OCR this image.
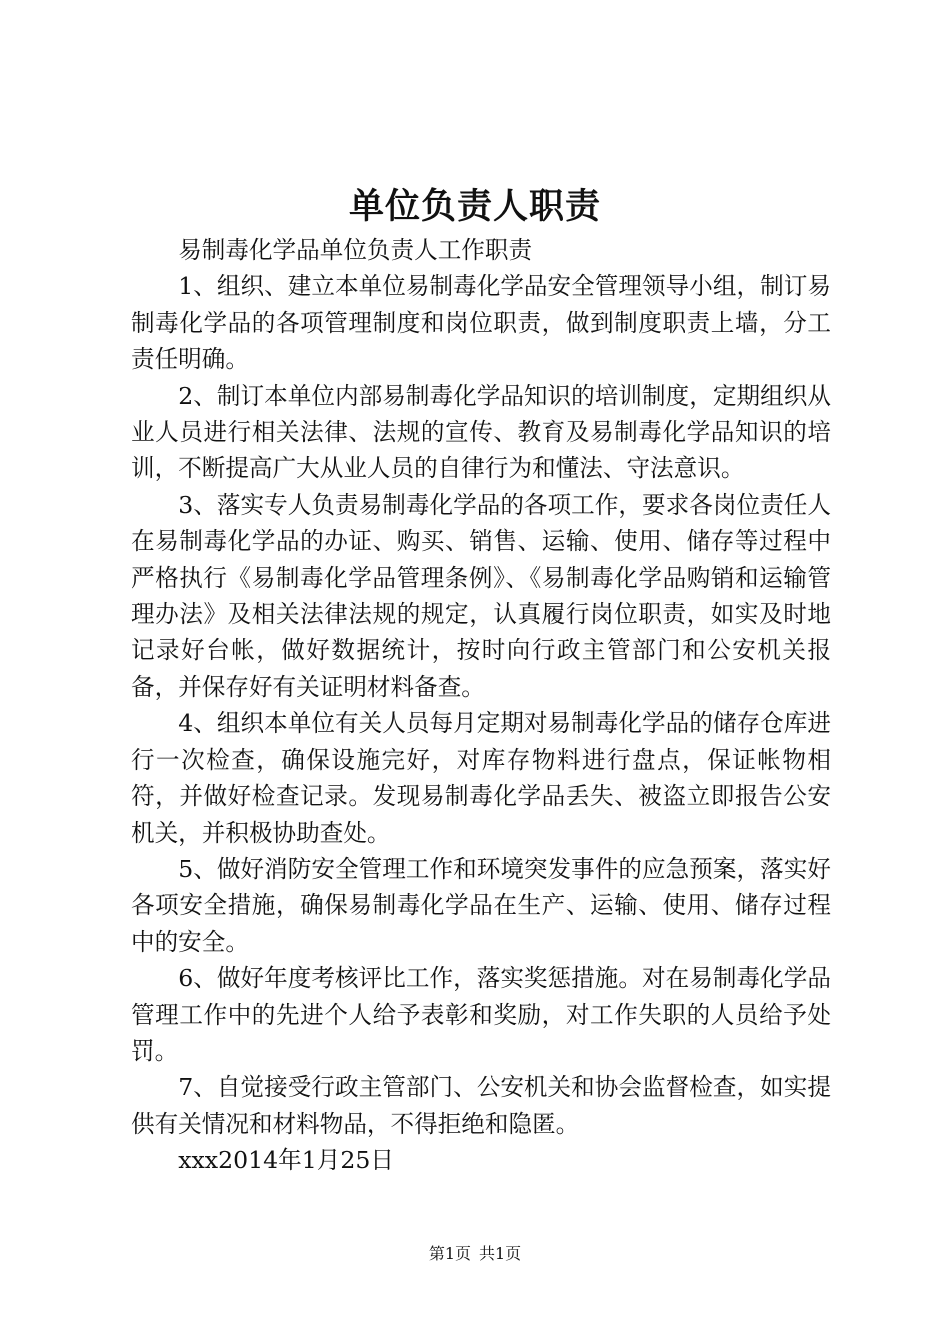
单位负责人职责

易制毒化学品单位负责人工作职责

1、组织、建立本单位易制毒化学品安全管理领导小组，制订易制毒化学品的各项管理制度和岗位职责，做到制度职责上墙，分工责任明确。

2、制订本单位内部易制毒化学品知识的培训制度，定期组织从业人员进行相关法律、法规的宣传、教育及易制毒化学品知识的培训，不断提高广大从业人员的自律行为和懂法、守法意识。

3、落实专人负责易制毒化学品的各项工作，要求各岗位责任人在易制毒化学品的办证、购买、销售、运输、使用、储存等过程中严格执行《易制毒化学品管理条例》、《易制毒化学品购销和运输管理办法》及相关法律法规的规定，认真履行岗位职责，如实及时地记录好台帐，做好数据统计，按时向行政主管部门和公安机关报备，并保存好有关证明材料备查。

4、组织本单位有关人员每月定期对易制毒化学品的储存仓库进行一次检查，确保设施完好，对库存物料进行盘点，保证帐物相符，并做好检查记录。发现易制毒化学品丢失、被盗立即报告公安机关，并积极协助查处。

5、做好消防安全管理工作和环境突发事件的应急预案，落实好各项安全措施，确保易制毒化学品在生产、运输、使用、储存过程中的安全。

6、做好年度考核评比工作，落实奖惩措施。对在易制毒化学品管理工作中的先进个人给予表彰和奖励，对工作失职的人员给予处罚。

7、自觉接受行政主管部门、公安机关和协会监督检查，如实提供有关情况和材料物品，不得拒绝和隐匿。

xxx2014年1月25日

第1页 共1页
